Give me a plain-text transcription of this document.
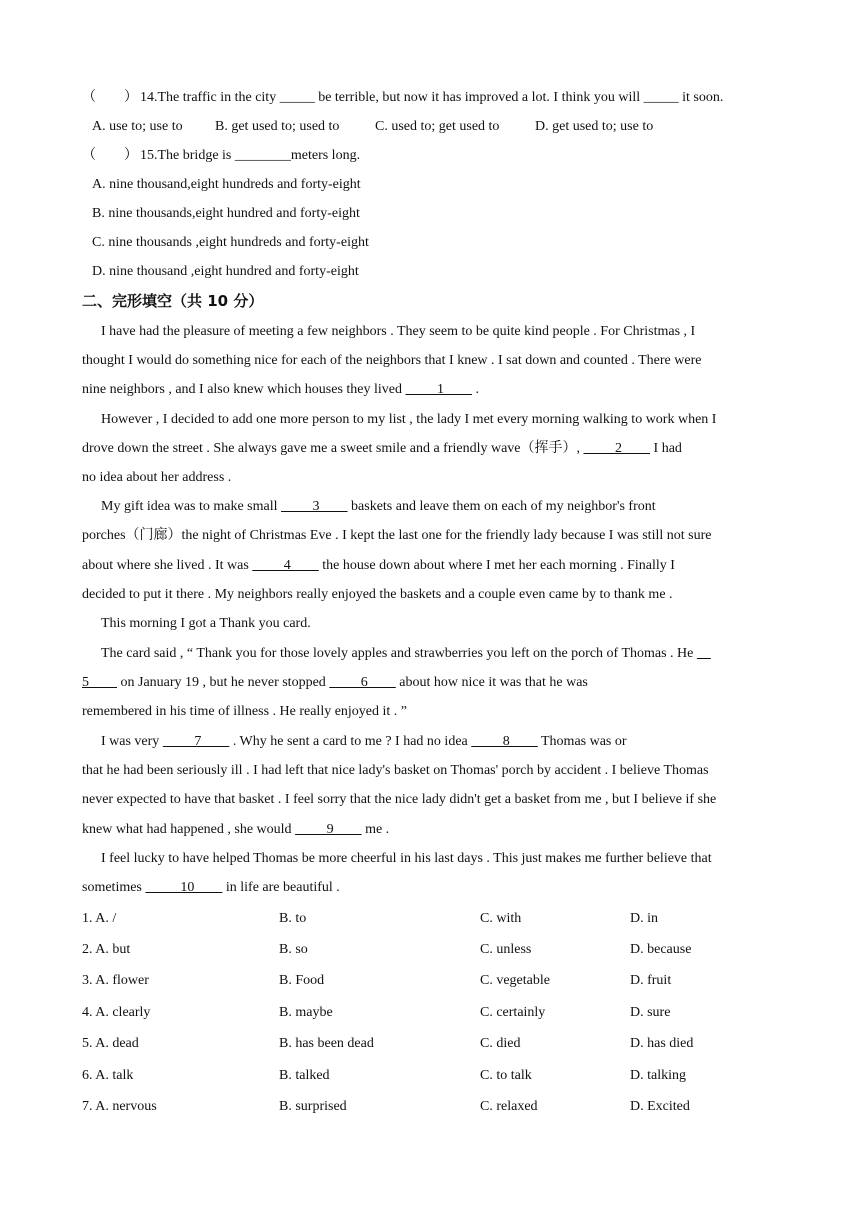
（　　） 14.The traffic in the city _____ be terrible, but now it has improved a lot. I think you will _____ it soon.
A. use to; use to B. get used to; used to	C. used to; get used to	D. get used to; use to
（　　） 15.The bridge is ________meters long.
A. nine thousand,eight hundreds and forty-eight
B. nine thousands,eight hundred and forty-eight
C. nine thousands ,eight hundreds and forty-eight
D. nine thousand ,eight hundred and forty-eight
二、完形填空（共 10 分）
I have had the pleasure of meeting a few neighbors . They seem to be quite kind people . For Christmas , I
thought I would do something nice for each of the neighbors that I knew . I sat down and counted . There were
nine neighbors , and I also knew which houses they lived          1         .
However , I decided to add one more person to my list , the lady I met every morning walking to work when I
drove down the street . She always gave me a sweet smile and a friendly wave（挥手）,          2         I had
no idea about her address .
My gift idea was to make small          3         baskets and leave them on each of my neighbor's front
porches（门廊）the night of Christmas Eve . I kept the last one for the friendly lady because I was still not sure
about where she lived . It was          4         the house down about where I met her each morning . Finally I
decided to put it there . My neighbors really enjoyed the baskets and a couple even came by to thank me .
This morning I got a Thank you card.
The card said , “ Thank you for those lovely apples and strawberries you left on the porch of Thomas . He
5         on January 19 , but he never stopped          6         about how nice it was that he was
remembered in his time of illness . He really enjoyed it . ”
I was very          7         . Why he sent a card to me ? I had no idea          8         Thomas was or
that he had been seriously ill . I had left that nice lady's basket on Thomas' porch by accident . I believe Thomas
never expected to have that basket . I feel sorry that the nice lady didn't get a basket from me , but I believe if she
knew what had happened , she would          9         me .
I feel lucky to have helped Thomas be more cheerful in his last days . This just makes me further believe that
sometimes           10         in life are beautiful .
1. A. /	B. to	C. with	D. in
2. A. but	B. so	C. unless	D. because
3. A. flower	B. Food	C. vegetable	D. fruit
4. A. clearly	B. maybe	C. certainly	D. sure
5. A. dead	B. has been dead	C. died	D. has died
6. A. talk	B. talked	C. to talk	D. talking
7. A. nervous	B. surprised	C. relaxed	D. Excited
